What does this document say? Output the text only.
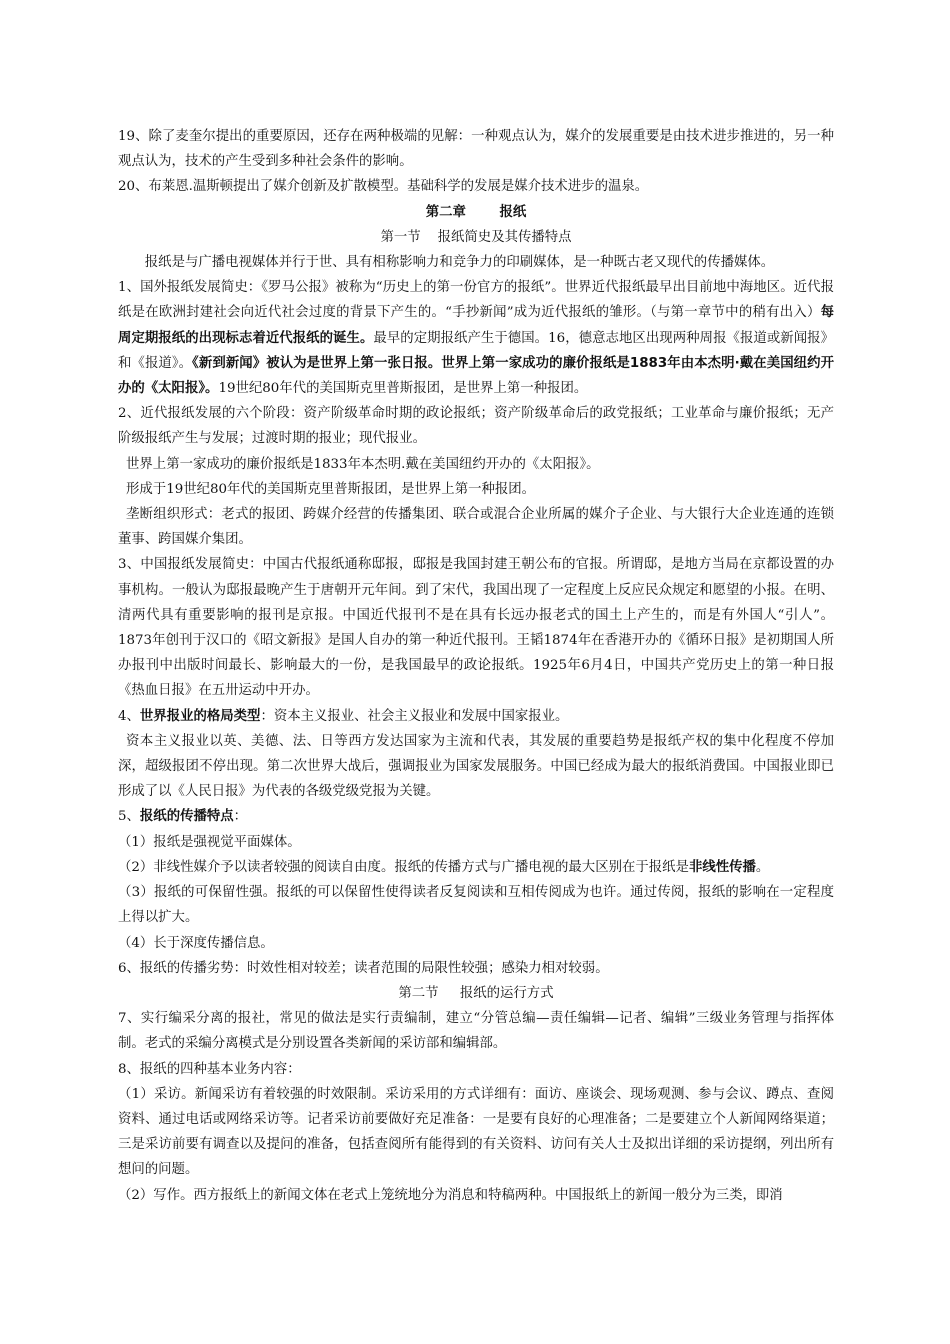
19、除了麦奎尔提出的重要原因，还存在两种极端的见解：一种观点认为，媒介的发展重要是由技术进步推进的，另一种观点认为，技术的产生受到多种社会条件的影响。

20、布莱恩.温斯顿提出了媒介创新及扩散模型。基础科学的发展是媒介技术进步的温泉。

第二章	报纸

第一节 报纸简史及其传播特点

报纸是与广播电视媒体并行于世、具有相称影响力和竞争力的印刷媒体，是一种既古老又现代的传播媒体。

1、国外报纸发展简史：《罗马公报》被称为“历史上的第一份官方的报纸”。世界近代报纸最早出目前地中海地区。近代报纸是在欧洲封建社会向近代社会过度的背景下产生的。“手抄新闻”成为近代报纸的雏形。（与第一章节中的稍有出入）每周定期报纸的出现标志着近代报纸的诞生。最早的定期报纸产生于德国。16，德意志地区出现两种周报《报道或新闻报》和《报道》。《新到新闻》被认为是世界上第一张日报。世界上第一家成功的廉价报纸是1883年由本杰明·戴在美国纽约开办的《太阳报》。19世纪80年代的美国斯克里普斯报团，是世界上第一种报团。

2、近代报纸发展的六个阶段：资产阶级革命时期的政论报纸；资产阶级革命后的政党报纸；工业革命与廉价报纸；无产阶级报纸产生与发展；过渡时期的报业；现代报业。

世界上第一家成功的廉价报纸是1833年本杰明.戴在美国纽约开办的《太阳报》。

形成于19世纪80年代的美国斯克里普斯报团，是世界上第一种报团。

垄断组织形式：老式的报团、跨媒介经营的传播集团、联合或混合企业所属的媒介子企业、与大银行大企业连通的连锁董事、跨国媒介集团。

3、中国报纸发展简史：中国古代报纸通称邸报，邸报是我国封建王朝公布的官报。所谓邸，是地方当局在京都设置的办事机构。一般认为邸报最晚产生于唐朝开元年间。到了宋代，我国出现了一定程度上反应民众规定和愿望的小报。在明、清两代具有重要影响的报刊是京报。中国近代报刊不是在具有长远办报老式的国土上产生的，而是有外国人“引人”。1873年创刊于汉口的《昭文新报》是国人自办的第一种近代报刊。王韬1874年在香港开办的《循环日报》是初期国人所办报刊中出版时间最长、影响最大的一份，是我国最早的政论报纸。1925年6月4日，中国共产党历史上的第一种日报《热血日报》在五卅运动中开办。

4、世界报业的格局类型：资本主义报业、社会主义报业和发展中国家报业。

资本主义报业以英、美德、法、日等西方发达国家为主流和代表，其发展的重要趋势是报纸产权的集中化程度不停加深，超级报团不停出现。第二次世界大战后，强调报业为国家发展服务。中国已经成为最大的报纸消费国。中国报业即已形成了以《人民日报》为代表的各级党级党报为关键。

5、报纸的传播特点：

（1）报纸是强视觉平面媒体。

（2）非线性媒介予以读者较强的阅读自由度。报纸的传播方式与广播电视的最大区别在于报纸是非线性传播。

（3）报纸的可保留性强。报纸的可以保留性使得读者反复阅读和互相传阅成为也许。通过传阅，报纸的影响在一定程度上得以扩大。

（4）长于深度传播信息。

6、报纸的传播劣势：时效性相对较差；读者范围的局限性较强；感染力相对较弱。

第二节 报纸的运行方式

7、实行编采分离的报社，常见的做法是实行责编制，建立“分管总编—责任编辑—记者、编辑”三级业务管理与指挥体制。老式的采编分离模式是分别设置各类新闻的采访部和编辑部。

8、报纸的四种基本业务内容：

（1）采访。新闻采访有着较强的时效限制。采访采用的方式详细有：面访、座谈会、现场观测、参与会议、蹲点、查阅资料、通过电话或网络采访等。记者采访前要做好充足准备：一是要有良好的心理准备；二是要建立个人新闻网络渠道；三是采访前要有调查以及提问的准备，包括查阅所有能得到的有关资料、访问有关人士及拟出详细的采访提纲，列出所有想问的问题。

（2）写作。西方报纸上的新闻文体在老式上笼统地分为消息和特稿两种。中国报纸上的新闻一般分为三类，即消
